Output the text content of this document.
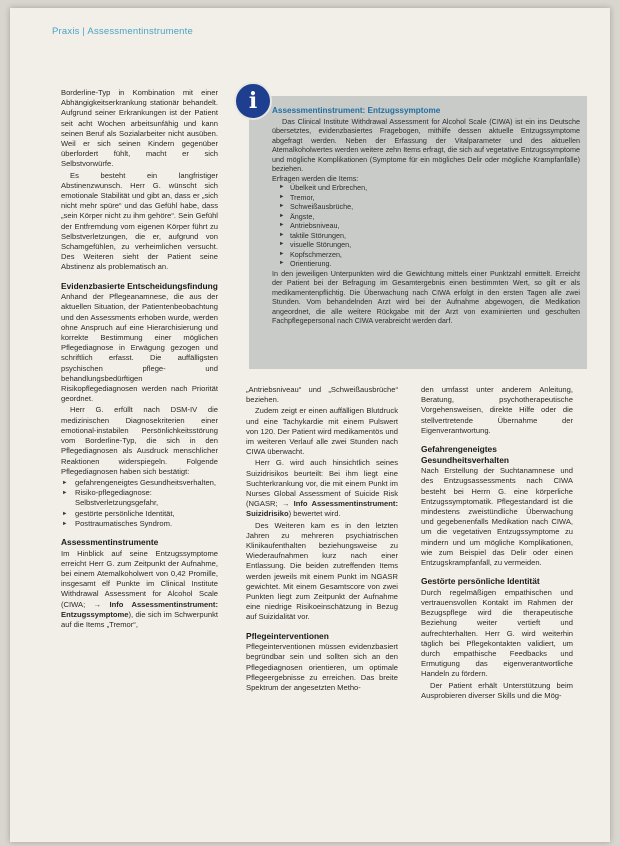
Praxis | Assessmentinstrumente

Borderline-Typ in Kombination mit einer Abhängigkeitserkrankung stationär behandelt. Aufgrund seiner Erkrankungen ist der Patient seit acht Wochen arbeitsunfähig und kann seinen Beruf als Sozialarbeiter nicht ausüben. Weil er sich seinen Kindern gegenüber überfordert fühlt, macht er sich Selbstvorwürfe.

Es besteht ein langfristiger Abstinenzwunsch. Herr G. wünscht sich emotionale Stabilität und gibt an, dass er „sich nicht mehr spüre“ und das Gefühl habe, dass „sein Körper nicht zu ihm gehöre“. Sein Gefühl der Entfremdung vom eigenen Körper führt zu Selbstverletzungen, die er, aufgrund von Schamgefühlen, zu verheimlichen versucht. Des Weiteren sieht der Patient seine Abstinenz als problematisch an.

Evidenzbasierte Entscheidungsfindung

Anhand der Pflegeanamnese, die aus der aktuellen Situation, der Patientenbeobachtung und den Assessments erhoben wurde, werden ohne Anspruch auf eine Hierarchisierung und korrekte Bestimmung einer möglichen Pflegediagnose in Erwägung gezogen und schriftlich erfasst. Die auffälligsten psychischen pflege- und behandlungsbedürftigen Risikopflegediagnosen werden nach Priorität geordnet.

Herr G. erfüllt nach DSM-IV die medizinischen Diagnosekriterien einer emotional-instabilen Persönlichkeitsstörung vom Borderline-Typ, die sich in den Pflegediagnosen als Ausdruck menschlicher Reaktionen widerspiegeln. Folgende Pflegediagnosen haben sich bestätigt:

► gefahrengeneigtes Gesundheitsverhalten,
► Risiko-pflegediagnose: Selbstverletzungsgefahr,
► gestörte persönliche Identität,
► Posttraumatisches Syndrom.
Assessmentinstrumente

Im Hinblick auf seine Entzugssymptome erreicht Herr G. zum Zeitpunkt der Aufnahme, bei einem Atemalkoholwert von 0,42 Promille, insgesamt elf Punkte im Clinical Institute Withdrawal Assessment for Alcohol Scale (CIWA; → Info Assessmentinstrument: Entzugssymptome), die sich im Schwerpunkt auf die Items „Tremor“,

Assessmentinstrument: Entzugssymptome

Das Clinical Institute Withdrawal Assessment for Alcohol Scale (CIWA) ist ein ins Deutsche übersetztes, evidenzbasiertes Fragebogen, mithilfe dessen aktuelle Entzugssymptome abgefragt werden. Neben der Erfassung der Vitalparameter und des aktuellen Atemalkoholwertes werden weitere zehn Items erfragt, die sich auf vegetative Entzugssymptome und mögliche Komplikationen (Symptome für ein mögliches Delir oder mögliche Krampfanfälle) beziehen.

Erfragen werden die Items:
► Übelkeit und Erbrechen,
► Tremor,
► Schweißausbrüche,
► Ängste,
► Antriebsniveau,
► taktile Störungen,
► visuelle Störungen,
► Kopfschmerzen,
► Orientierung.

In den jeweiligen Unterpunkten wird die Gewichtung mittels einer Punktzahl ermittelt. Erreicht der Patient bei der Befragung im Gesamtergebnis einen bestimmten Wert, so gilt er als medikamentenpflichtig. Die Überwachung nach CIWA erfolgt in den ersten Tagen alle zwei Stunden. Vom behandelnden Arzt wird bei der Aufnahme abgewogen, die Medikation angeordnet, die alle weitere Rückgabe mit der Arzt von examinierten und geschulten Fachpflegepersonal nach CIWA verabreicht werden darf.

i

„Antriebsniveau“ und „Schweißausbrüche“ beziehen.

Zudem zeigt er einen auffälligen Blutdruck und eine Tachykardie mit einem Pulswert von 120. Der Patient wird medikamentös und im weiteren Verlauf alle zwei Stunden nach CIWA überwacht.

Herr G. wird auch hinsichtlich seines Suizidrisikos beurteilt: Bei ihm liegt eine Suchterkrankung vor, die mit einem Punkt im Nurses Global Assessment of Suicide Risk (NGASR; → Info Assessmentinstrument: Suizidrisiko) bewertet wird.

Des Weiteren kam es in den letzten Jahren zu mehreren psychiatrischen Klinikaufenthalten beziehungsweise zu Wiederaufnahmen kurz nach einer Entlassung. Die beiden zutreffenden Items werden jeweils mit einem Punkt im NGASR gewichtet. Mit einem Gesamtscore von zwei Punkten liegt zum Zeitpunkt der Aufnahme eine niedrige Risikoeinschätzung in Bezug auf Suizidalität vor.

Pflegeinterventionen

Pflegeinterventionen müssen evidenzbasiert begründbar sein und sollten sich an den Pflegediagnosen orientieren, um optimale Pflegeergebnisse zu erreichen. Das breite Spektrum der angesetzten Metho-

den umfasst unter anderem Anleitung, Beratung, psychotherapeutische Vorgehensweisen, direkte Hilfe oder die stellvertretende Übernahme der Eigenverantwortung.

Gefahrengeneigtes Gesundheitsverhalten

Nach Erstellung der Suchtanamnese und des Entzugsassessments nach CIWA besteht bei Herrn G. eine körperliche Entzugssymptomatik. Pflegestandard ist die mindestens zweistündliche Überwachung und gegebenenfalls Medikation nach CIWA, um die vegetativen Entzugssymptome zu mindern und um mögliche Komplikationen, wie zum Beispiel das Delir oder einen Entzugskrampfanfall, zu vermeiden.

Gestörte persönliche Identität

Durch regelmäßigen empathischen und vertrauensvollen Kontakt im Rahmen der Bezugspflege wird die therapeutische Beziehung weiter vertieft und aufrechterhalten. Herr G. wird weiterhin täglich bei Pflegekontakten validiert, um durch empathische Feedbacks und Ermutigung das eigenverantwortliche Handeln zu fördern.

Der Patient erhält Unterstützung beim Ausprobieren diverser Skills und die Mög-
